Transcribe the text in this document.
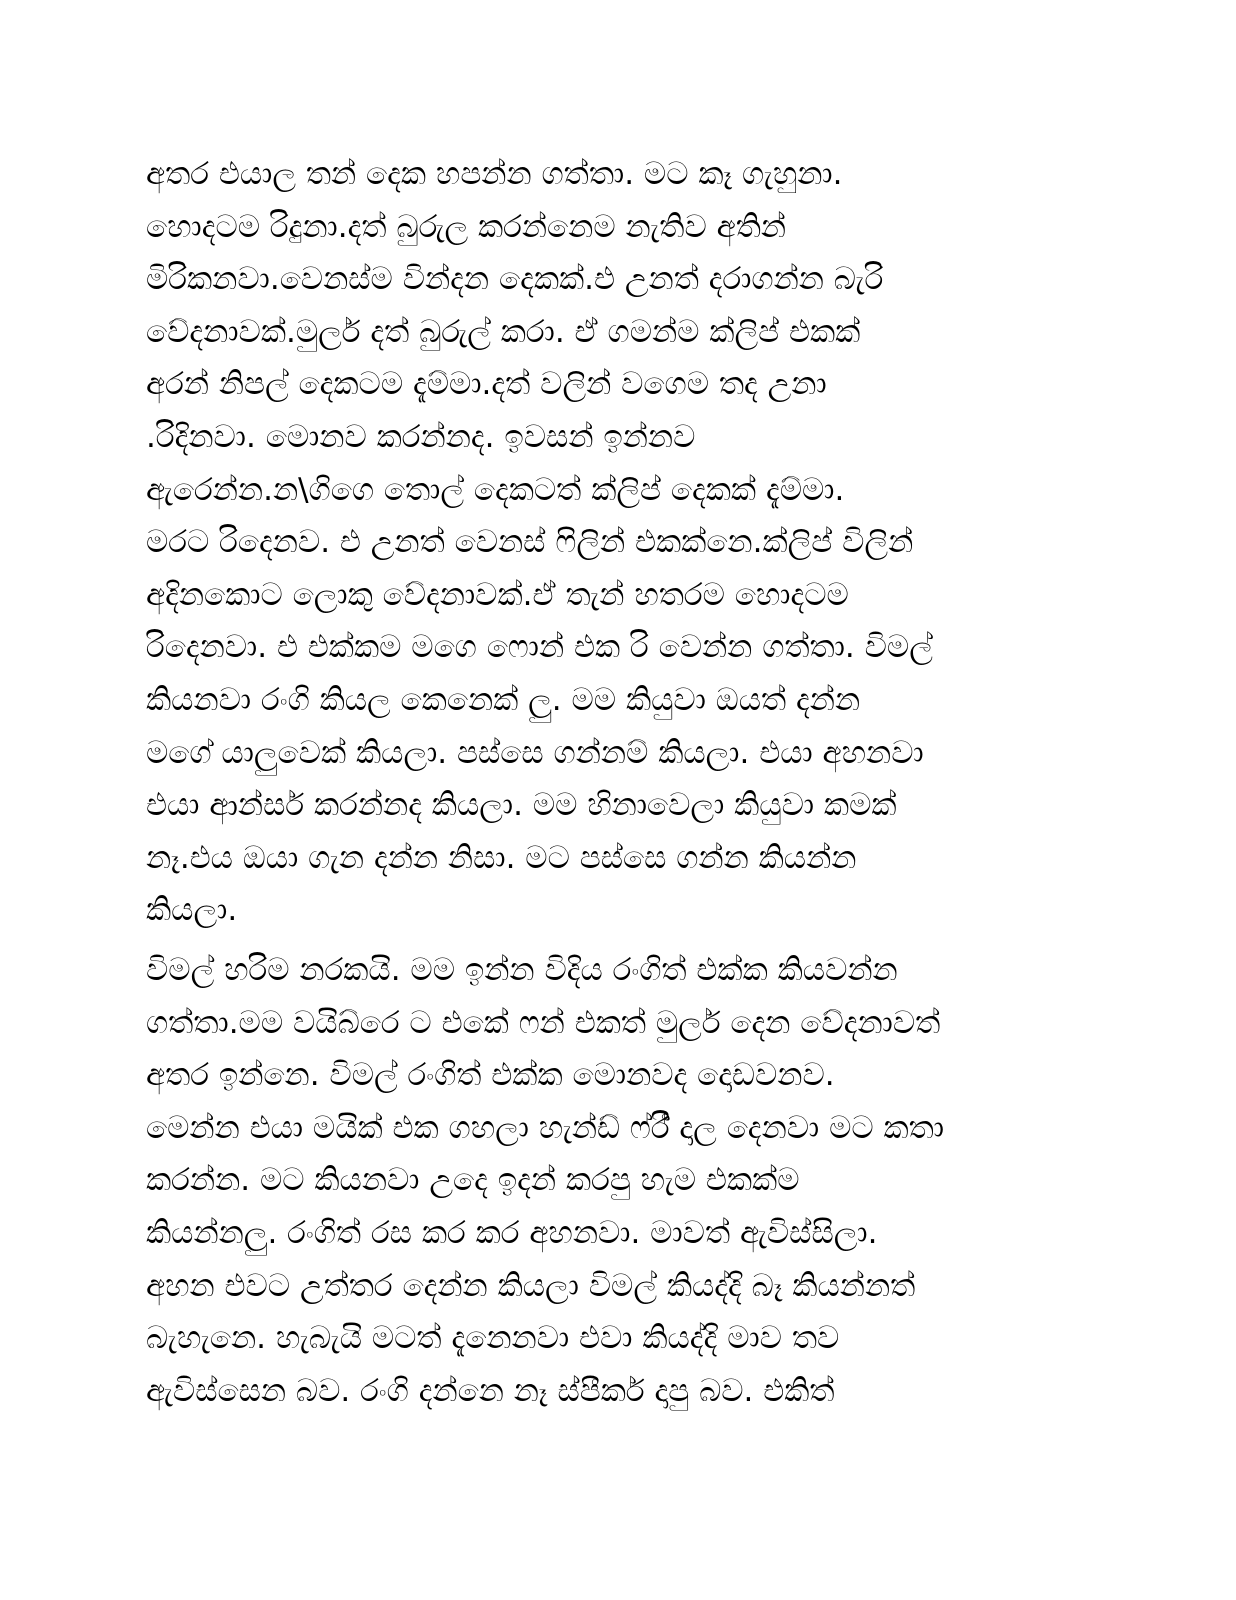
අතර එයාල තන් දෙක හපන්න ගත්තා. මට කෑ ගැහුනා.
හොදටම රිදුනා.දත් බුරුල කරන්නෙම නැතිව අතින්
මිරිකනවා.වෙනස්ම වින්දන දෙකක්.එ උනත් දරාගන්න බැරි
වේදනාවක්.මුලර් දත් බුරුල් කරා. ඒ ගමන්ම ක්ලිප් එකක්
අරන් නිපල් දෙකටම දැම්මා.දත් වලින් වගෙම තද උනා
.රිදිනවා. මොනව කරන්නද. ඉවසන් ඉන්නව
ඇරෙන්න.න\ගිගෙ තොල් දෙකටත් ක්ලිප් දෙකක් දැම්මා.
මරට රිදෙනව. එ උනත් වෙනස් ෆිලින් එකක්නෙ.ක්ලිප් විලින්
අදිනකොට ලොකු වේදනාවක්.ඒ තැන් හතරම හොදටම
රිදෙනවා. එ එක්කම මගෙ ෆොන් එක රි වෙන්න ගත්තා. විමල්
කියනවා රංගි කියල කෙනෙක් ලු. මම කියුවා ඔයත් දන්න
මගේ යාලුවෙක් කියලා. පස්සෙ ගන්නම් කියලා. එයා අහනවා
එයා ආන්සර් කරන්නද කියලා. මම හිනාවෙලා කියුවා කමක්
නෑ.එය ඔයා ගැන දන්න නිසා. මට පස්සෙ ගන්න කියන්න
කියලා.
විමල් හරිම නරකයි. මම ඉන්න විදිය රංගිත් එක්ක කියවන්න
ගත්තා.මම වයිබ්රෙ ට එකේ ෆන් එකත් මුලර් දෙන වේදනාවත්
අතර ඉන්නෙ. විමල් රංගිත් එක්ක මොනවද දොඩවනව.
මෙන්න එයා මයික් එක ගහලා හැන්ඩ් ෆ්රී් දාල දෙනවා මට කතා
කරන්න. මට කියනවා උදෙ ඉදන් කරපු හැම එකක්ම
කියන්නලු. රංගිත් රස කර කර අහනවා. මාවත් ඇවිස්සිලා.
අහන එවට උත්තර දෙන්න කියලා විමල් කියද්දි බෑ කියන්නත්
බැහැනෙ. හැබැයි මටත් දැනෙනවා එවා කියද්දි මාව තව
ඇවිස්සෙන බව. රංගි දන්නෙ නෑ ස්පීකර් දාපු බව. එකිත්
